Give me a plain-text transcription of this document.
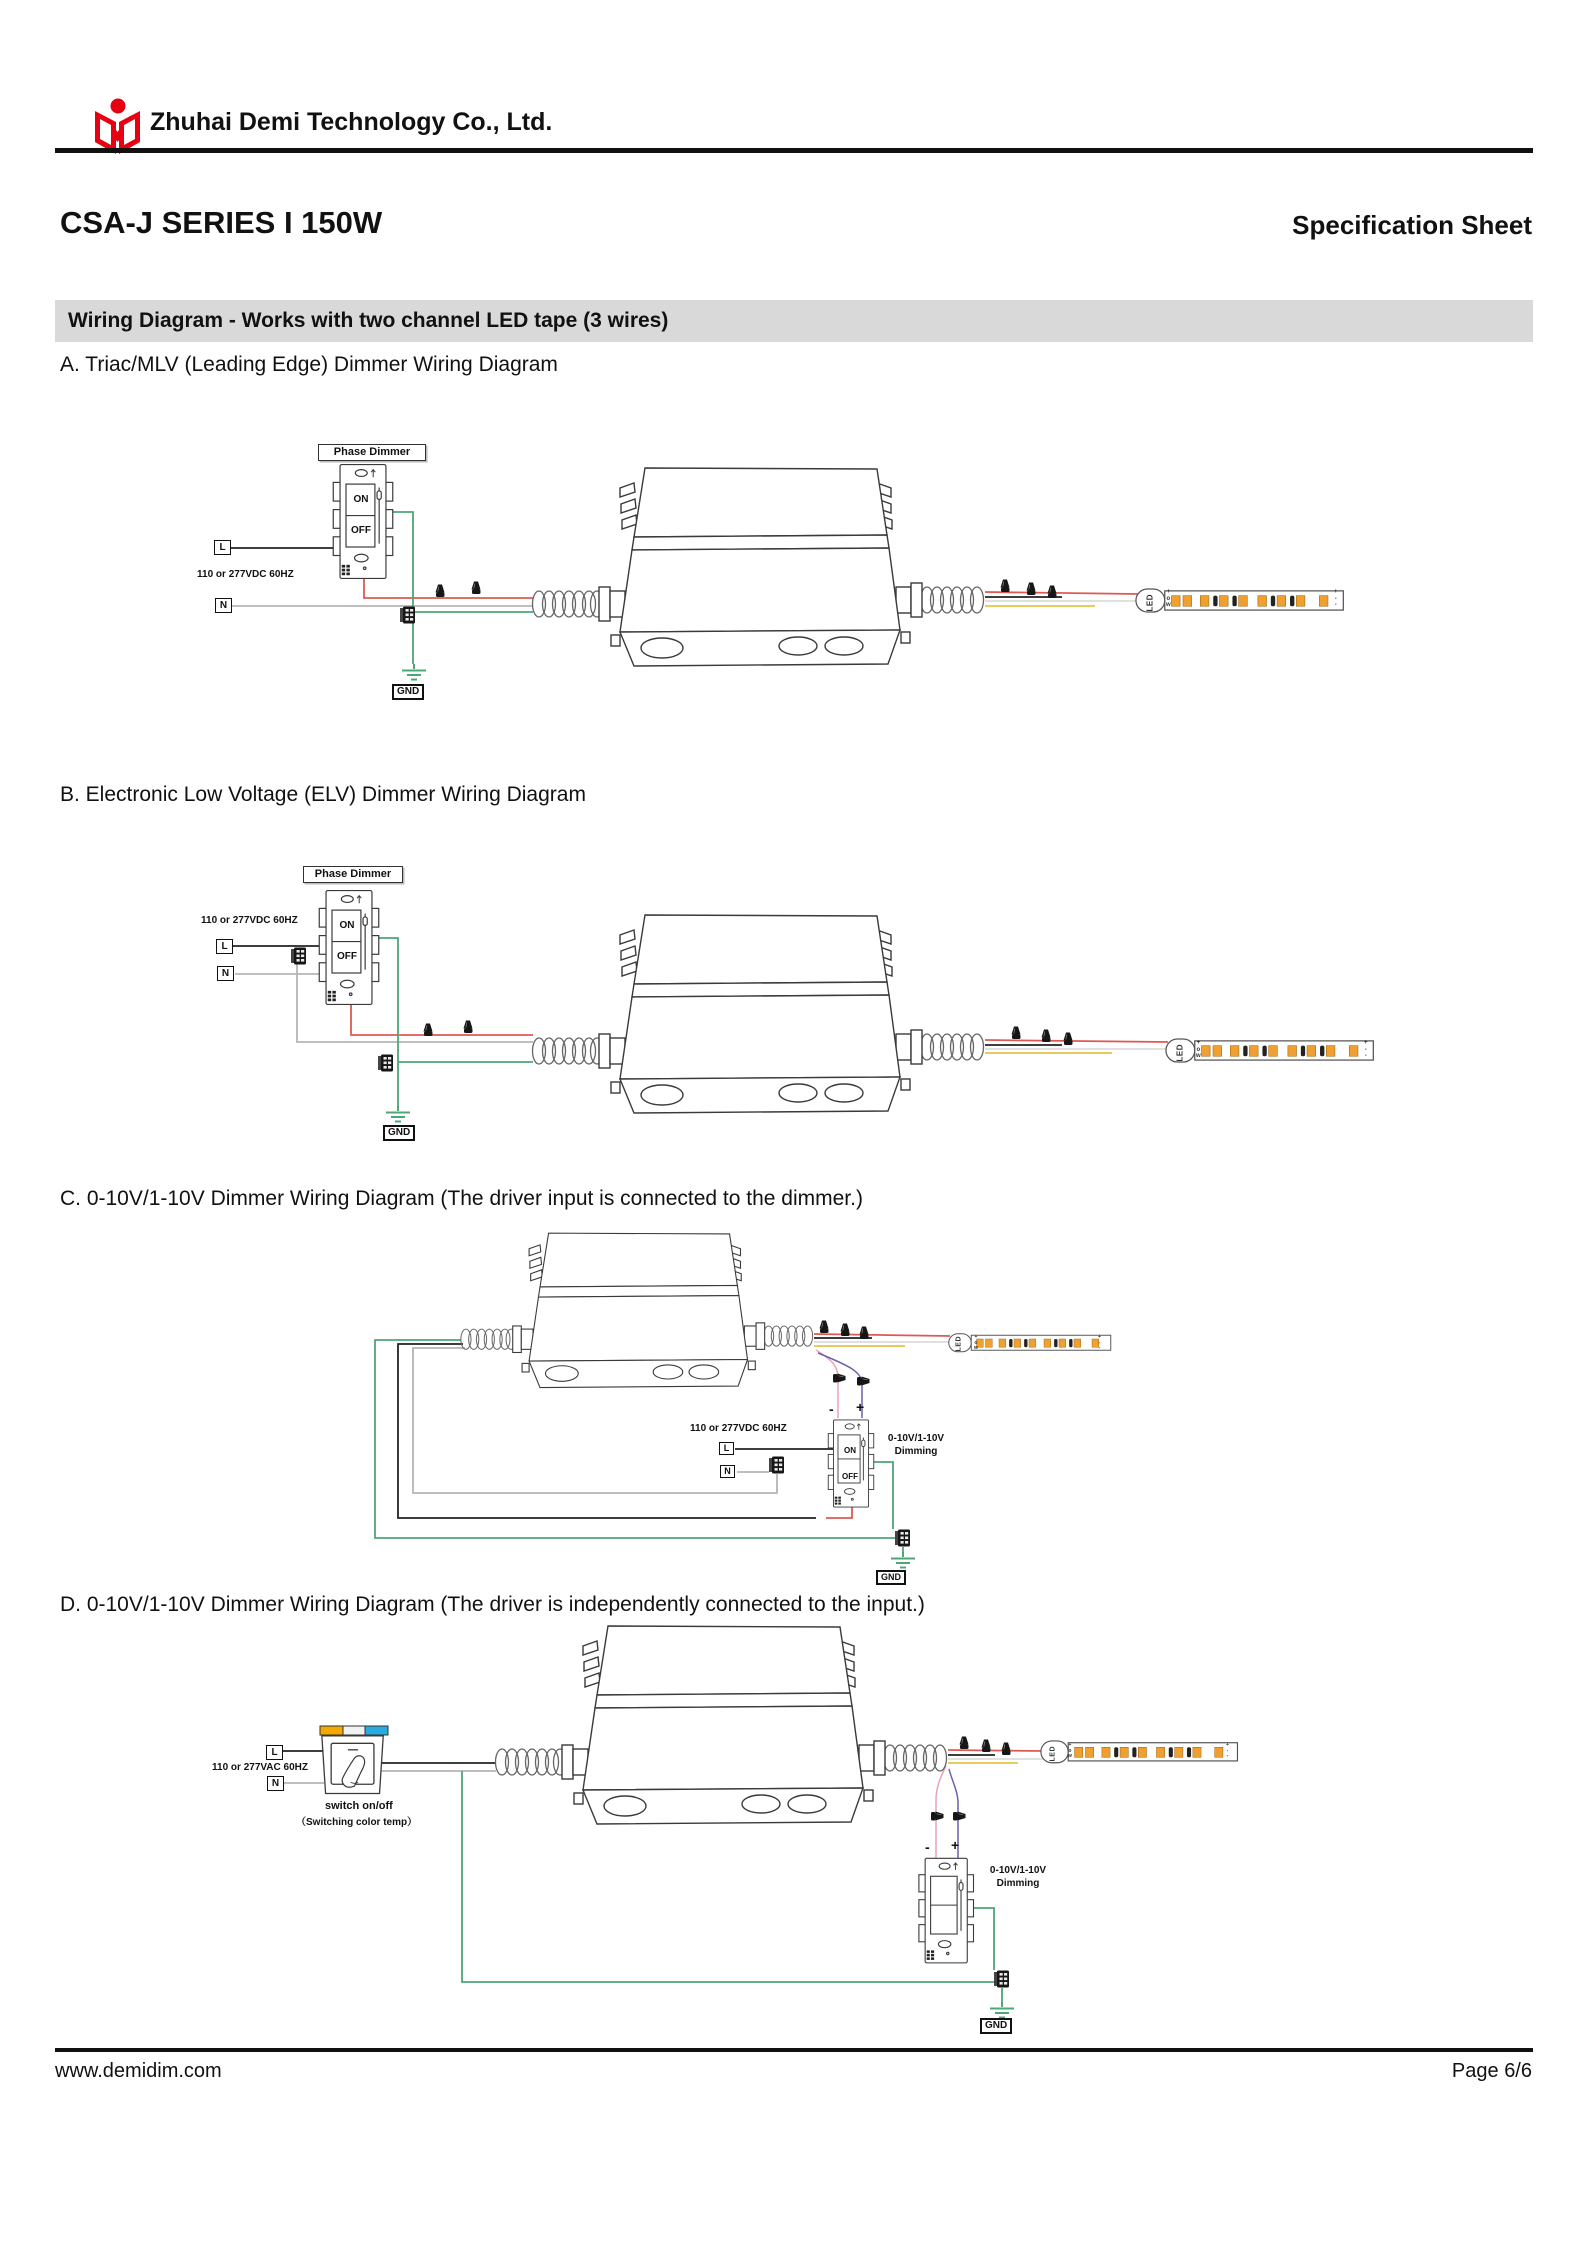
Zhuhai Demi Technology Co., Ltd.
CSA-J SERIES I 150W	Specification Sheet
Wiring Diagram - Works with two channel LED tape (3 wires)
A. Triac/MLV (Leading Edge) Dimmer Wiring Diagram
B. Electronic Low Voltage (ELV) Dimmer Wiring Diagram
C. 0-10V/1-10V Dimmer Wiring Diagram (The driver input is connected to the dimmer.)
D. 0-10V/1-10V Dimmer Wiring Diagram (The driver is independently connected to the input.)
www.demidim.com	Page 6/6
Phase Dimmer
ON
OFF
L
110 or 277VDC 60HZ
N
GND
LED
+
o
w
+
-
-
Phase Dimmer
ON
OFF
110 or 277VDC 60HZ
L
N
GND
LED
+
o
w
+
-
-
110 or 277VDC 60HZ
L
N
- +
0-10V/1-10V
Dimming
ON
OFF
GND
LED +
o
w
+
-
-
L
110 or 277VAC 60HZ
N
switch on/off
（Switching color temp）
- +
0-10V/1-10V
Dimming
GND
LED
+
o
w
+
-
-
